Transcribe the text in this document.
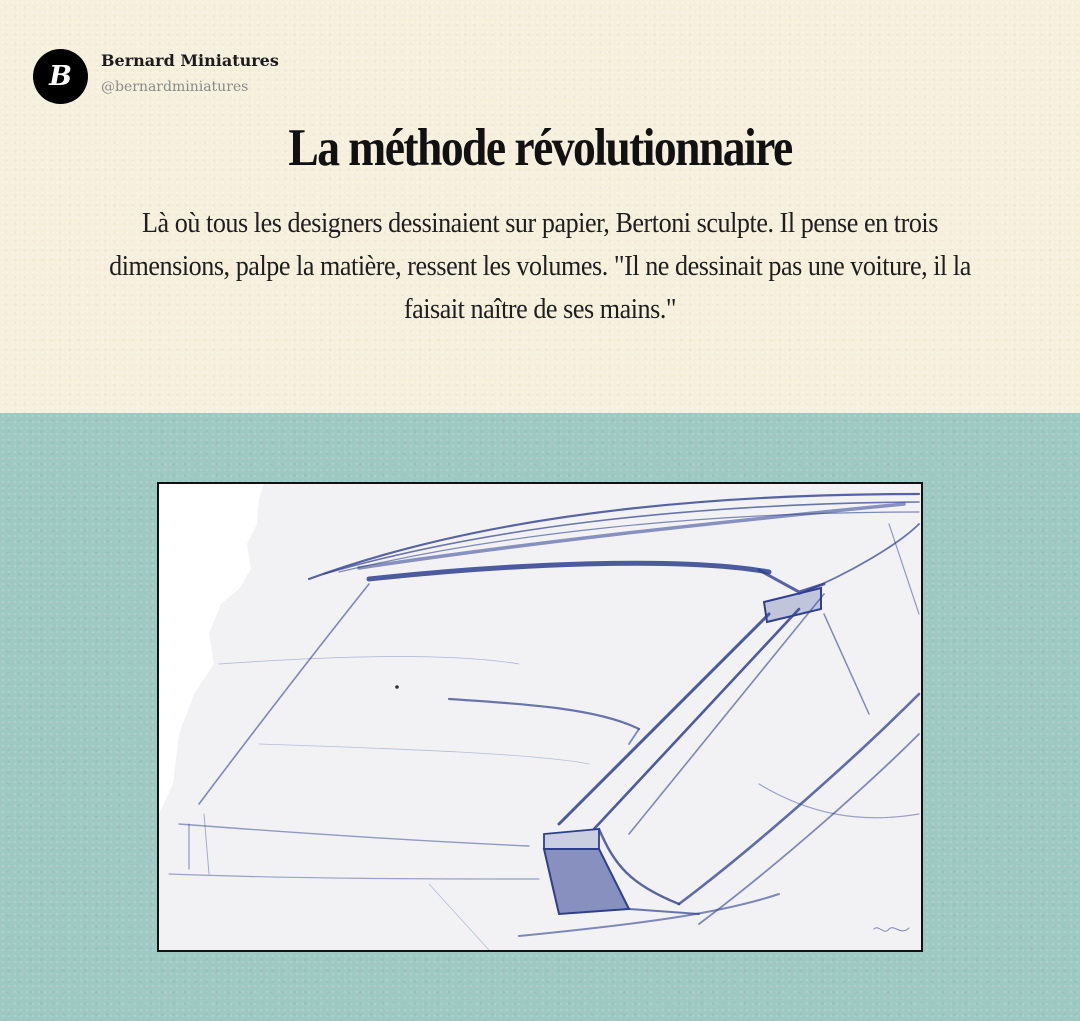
B
Bernard Miniatures
@bernardminiatures
La méthode révolutionnaire
Là où tous les designers dessinaient sur papier, Bertoni sculpte. Il pense en trois dimensions, palpe la matière, ressent les volumes. "Il ne dessinait pas une voiture, il la faisait naître de ses mains."
